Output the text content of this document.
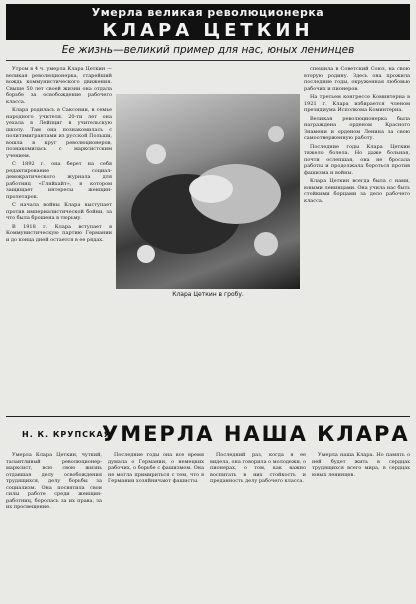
Умерла великая революционерка
КЛАРА ЦЕТКИН
Ее жизнь—великий пример для нас, юных ленинцев

Утром в 4 ч. умерла Клара Цеткин — великая революционерка, старейший вождь коммунистического движения. Свыше 50 лет своей жизни она отдала борьбе за освобождение рабочего класса.

Клара родилась в Саксонии, в семье народного учителя. 20-ти лет она уехала в Лейпциг в учительскую школу. Там она познакомилась с политэмигрантами из русской Польши, вошла в круг революционеров, познакомилась с марксистским учением.

С 1892 г. она берет на себя редактирование социал-демократического журнала для работниц «Гляйхайт», в котором защищает интересы женщин-пролетарок.

С начала войны Клара выступает против империалистической бойни, за что была брошена в тюрьму.

В 1918 г. Клара вступает в Коммунистическую партию Германии и до конца дней остается в ее рядах.

Клара Цеткин в гробу.

спешила в Советский Союз, на свою вторую родину. Здесь она прожила последние годы, окруженная любовью рабочих и пионеров.

На третьем конгрессе Коминтерна в 1921 г. Клара избирается членом президиума Исполкома Коминтерна.

Великая революционерка была награждена орденом Красного Знамени и орденом Ленина за свою самоотверженную работу.

Последние годы Клара Цеткин тяжело болела. Но даже больная, почти ослепшая, она не бросала работы и продолжала бороться против фашизма и войны.

Клара Цеткин всегда была с нами, юными ленинцами. Она учила нас быть стойкими борцами за дело рабочего класса.

Н. К. КРУПСКАЯ
УМЕРЛА НАША КЛАРА

Умерла Клара Цеткин, чуткий, талантливый революционер-марксист, всю свою жизнь отдавшая делу освобождения трудящихся, делу борьбы за социализм. Она посвятила свои силы работе среди женщин-работниц, боролась за их права, за их просвещение.

Последние годы она все время думала о Германии, о немецких рабочих, о борьбе с фашизмом. Она не могла примириться с тем, что в Германии хозяйничают фашисты.

Последний раз, когда я ее видела, она говорила о молодежи, о пионерах, о том, как важно воспитать в них стойкость и преданность делу рабочего класса.

Умерла наша Клара. Но память о ней будет жить в сердцах трудящихся всего мира, в сердцах юных ленинцев.
